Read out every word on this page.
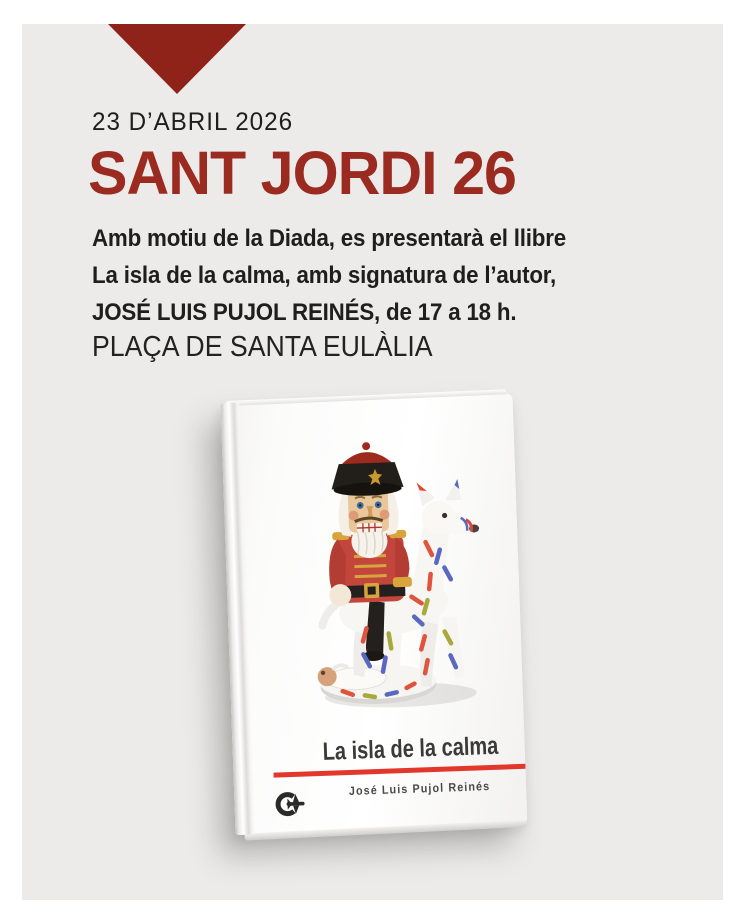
23 D’ABRIL 2026
SANT JORDI 26
Amb motiu de la Diada, es presentarà el llibre
La isla de la calma, amb signatura de l’autor,
JOSÉ LUIS PUJOL REINÉS, de 17 a 18 h.
PLAÇA DE SANTA EULÀLIA
La isla de la calma
José Luis Pujol Reinés
